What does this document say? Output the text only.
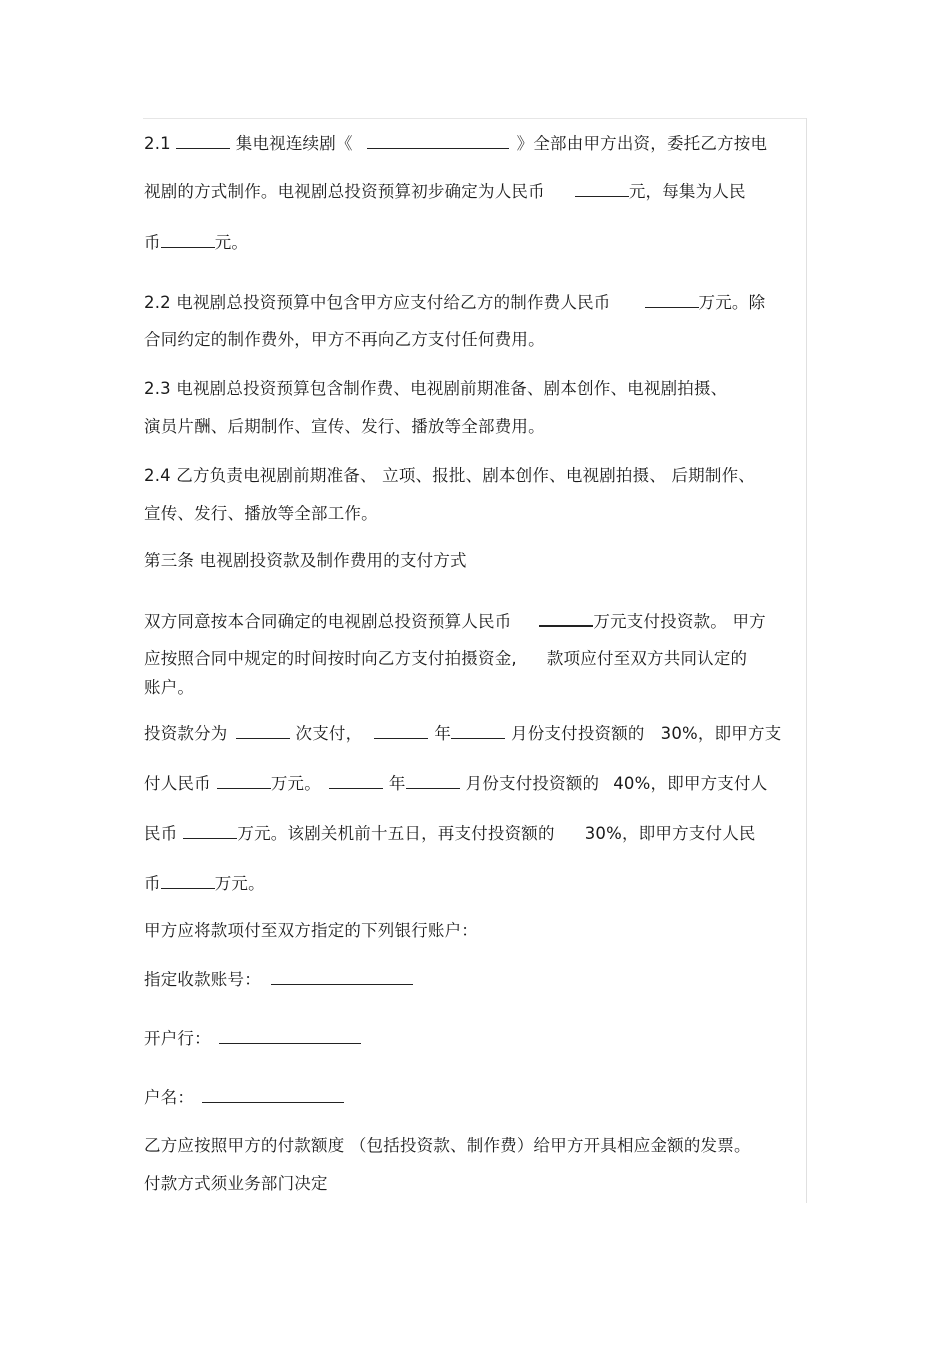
2.1	集电视连续剧《	》全部由甲方出资，委托乙方按电
视剧的方式制作。电视剧总投资预算初步确定为人民币	元，每集为人民
币	元。
2.2 电视剧总投资预算中包含甲方应支付给乙方的制作费人民币	万元。除
合同约定的制作费外，甲方不再向乙方支付任何费用。
2.3 电视剧总投资预算包含制作费、电视剧前期准备、剧本创作、电视剧拍摄、
演员片酬、后期制作、宣传、发行、播放等全部费用。
2.4 乙方负责电视剧前期准备、 立项、报批、剧本创作、电视剧拍摄、 后期制作、
宣传、发行、播放等全部工作。
第三条 电视剧投资款及制作费用的支付方式
双方同意按本合同确定的电视剧总投资预算人民币	万元支付投资款。 甲方
应按照合同中规定的时间按时向乙方支付拍摄资金, 款项应付至双方共同认定的
账户。
投资款分为	次支付，	年	月份支付投资额的 30%，即甲方支
付人民币	万元。	年	月份支付投资额的 40%，即甲方支付人
民币	万元。该剧关机前十五日，再支付投资额的 30%，即甲方支付人民
币	万元。
甲方应将款项付至双方指定的下列银行账户：
指定收款账号：
开户行：
户名：
乙方应按照甲方的付款额度 （包括投资款、制作费）给甲方开具相应金额的发票。
付款方式须业务部门决定
